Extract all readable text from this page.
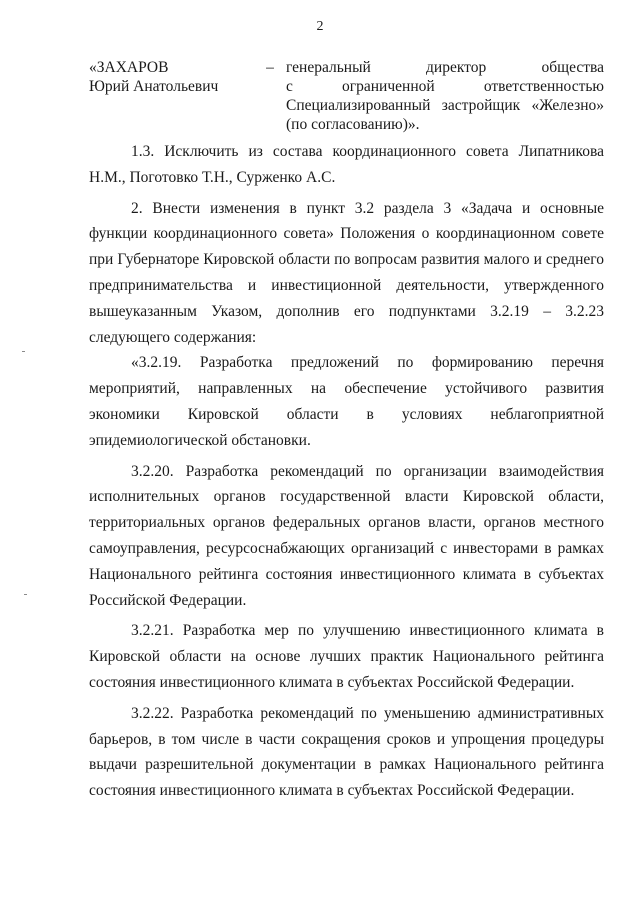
2
«ЗАХАРОВ
Юрий Анатольевич
– генеральный директор общества
с ограниченной ответственностью
Специализированный застройщик «Железно»
(по согласованию)».

1.3. Исключить из состава координационного совета Липатникова Н.М., Поготовко Т.Н., Сурженко А.С.

2. Внести изменения в пункт 3.2 раздела 3 «Задача и основные функции координационного совета» Положения о координационном совете при Губернаторе Кировской области по вопросам развития малого и среднего предпринимательства и инвестиционной деятельности, утвержденного вышеуказанным Указом, дополнив его подпунктами 3.2.19 – 3.2.23 следующего содержания:

«3.2.19. Разработка предложений по формированию перечня мероприятий, направленных на обеспечение устойчивого развития экономики Кировской области в условиях неблагоприятной эпидемиологической обстановки.

3.2.20. Разработка рекомендаций по организации взаимодействия исполнительных органов государственной власти Кировской области, территориальных органов федеральных органов власти, органов местного самоуправления, ресурсоснабжающих организаций с инвесторами в рамках Национального рейтинга состояния инвестиционного климата в субъектах Российской Федерации.

3.2.21. Разработка мер по улучшению инвестиционного климата в Кировской области на основе лучших практик Национального рейтинга состояния инвестиционного климата в субъектах Российской Федерации.

3.2.22. Разработка рекомендаций по уменьшению административных барьеров, в том числе в части сокращения сроков и упрощения процедуры выдачи разрешительной документации в рамках Национального рейтинга состояния инвестиционного климата в субъектах Российской Федерации.
